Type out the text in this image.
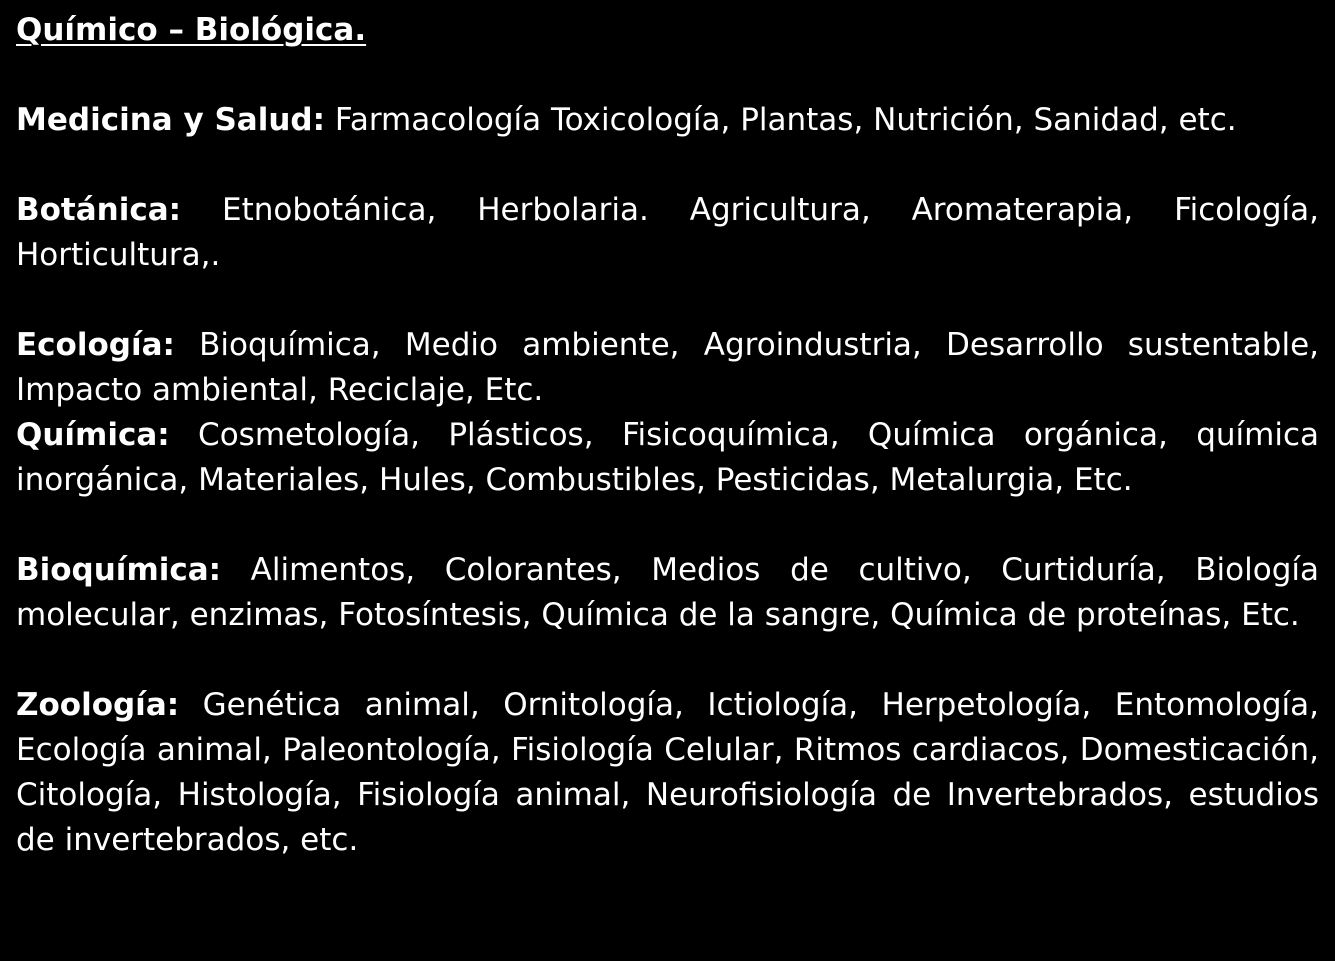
Químico – Biológica.

Medicina y Salud: Farmacología Toxicología, Plantas, Nutrición, Sanidad, etc.

Botánica: Etnobotánica, Herbolaria. Agricultura, Aromaterapia, Ficología, Horticultura,.

Ecología: Bioquímica, Medio ambiente, Agroindustria, Desarrollo sustentable, Impacto ambiental, Reciclaje, Etc.

Química: Cosmetología, Plásticos, Fisicoquímica, Química orgánica, química inorgánica, Materiales, Hules, Combustibles, Pesticidas, Metalurgia, Etc.

Bioquímica: Alimentos, Colorantes, Medios de cultivo, Curtiduría, Biología molecular, enzimas, Fotosíntesis, Química de la sangre, Química de proteínas, Etc.

Zoología: Genética animal, Ornitología, Ictiología, Herpetología, Entomología, Ecología animal, Paleontología, Fisiología Celular, Ritmos cardiacos, Domesticación, Citología, Histología, Fisiología animal, Neurofisiología de Invertebrados, estudios de invertebrados, etc.
